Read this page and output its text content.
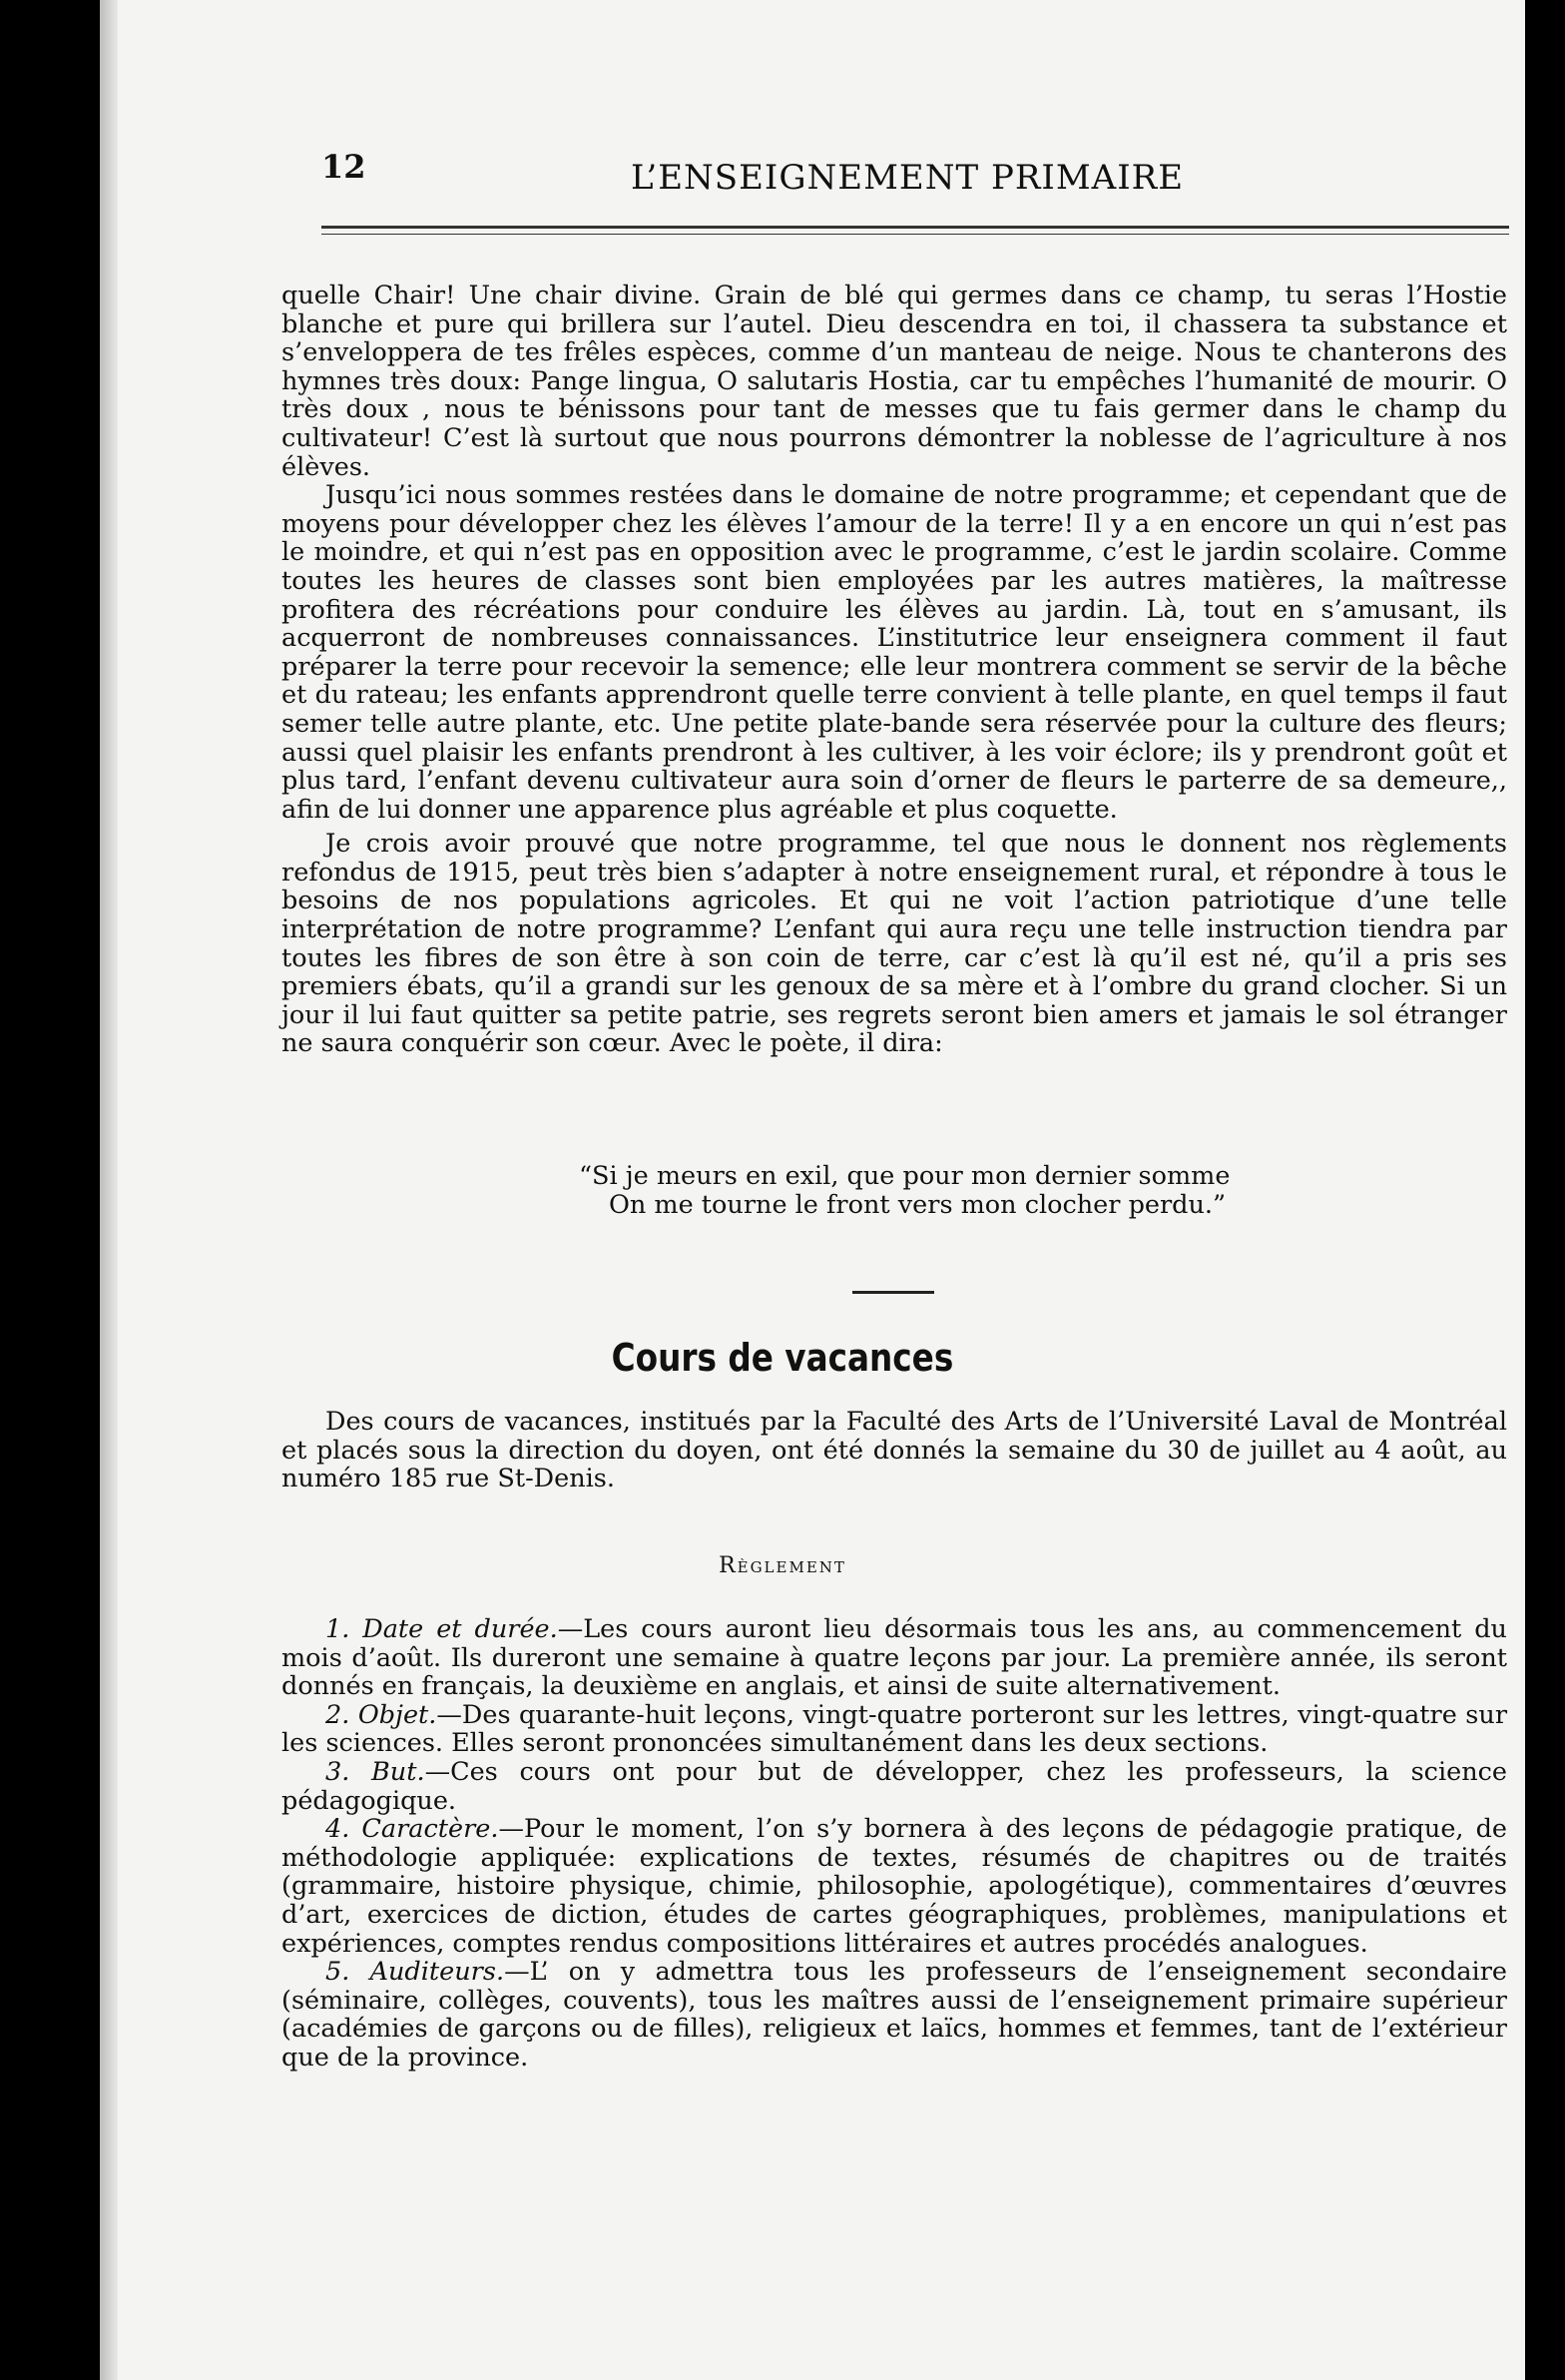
12	L’ENSEIGNEMENT PRIMAIRE

quelle Chair! Une chair divine. Grain de blé qui germes dans ce champ, tu seras l’Hostie blanche et pure qui brillera sur l’autel. Dieu descendra en toi, il chassera ta substance et s’enveloppera de tes frêles espèces, comme d’un manteau de neige. Nous te chanterons des hymnes très doux: Pange lingua, O salutaris Hostia, car tu empêches l’humanité de mourir. O très doux , nous te bénissons pour tant de messes que tu fais germer dans le champ du cultivateur! C’est là surtout que nous pourrons démontrer la noblesse de l’agriculture à nos élèves.

Jusqu’ici nous sommes restées dans le domaine de notre programme; et cependant que de moyens pour développer chez les élèves l’amour de la terre! Il y a en encore un qui n’est pas le moindre, et qui n’est pas en opposition avec le programme, c’est le jardin scolaire. Comme toutes les heures de classes sont bien employées par les autres matières, la maîtresse profitera des récréations pour conduire les élèves au jardin. Là, tout en s’amusant, ils acquerront de nombreuses connaissances. L’institutrice leur enseignera comment il faut préparer la terre pour recevoir la semence; elle leur montrera comment se servir de la bêche et du rateau; les enfants apprendront quelle terre convient à telle plante, en quel temps il faut semer telle autre plante, etc. Une petite plate-bande sera réservée pour la culture des fleurs; aussi quel plaisir les enfants prendront à les cultiver, à les voir éclore; ils y prendront goût et plus tard, l’enfant devenu cultivateur aura soin d’orner de fleurs le parterre de sa demeure,, afin de lui donner une apparence plus agréable et plus coquette.

Je crois avoir prouvé que notre programme, tel que nous le donnent nos règlements refondus de 1915, peut très bien s’adapter à notre enseignement rural, et répondre à tous le besoins de nos populations agricoles. Et qui ne voit l’action patriotique d’une telle interprétation de notre programme? L’enfant qui aura reçu une telle instruction tiendra par toutes les fibres de son être à son coin de terre, car c’est là qu’il est né, qu’il a pris ses premiers ébats, qu’il a grandi sur les genoux de sa mère et à l’ombre du grand clocher. Si un jour il lui faut quitter sa petite patrie, ses regrets seront bien amers et jamais le sol étranger ne saura conquérir son cœur. Avec le poète, il dira:

“Si je meurs en exil, que pour mon dernier somme
On me tourne le front vers mon clocher perdu.”
Cours de vacances

Des cours de vacances, institués par la Faculté des Arts de l’Université Laval de Montréal et placés sous la direction du doyen, ont été donnés la semaine du 30 de juillet au 4 août, au numéro 185 rue St-Denis.

Règlement

1. Date et durée.—Les cours auront lieu désormais tous les ans, au commencement du mois d’août. Ils dureront une semaine à quatre leçons par jour. La première année, ils seront donnés en français, la deuxième en anglais, et ainsi de suite alternativement.

2. Objet.—Des quarante-huit leçons, vingt-quatre porteront sur les lettres, vingt-quatre sur les sciences. Elles seront prononcées simultanément dans les deux sections.

3. But.—Ces cours ont pour but de développer, chez les professeurs, la science pédagogique.

4. Caractère.—Pour le moment, l’on s’y bornera à des leçons de pédagogie pratique, de méthodologie appliquée: explications de textes, résumés de chapitres ou de traités (grammaire, histoire physique, chimie, philosophie, apologétique), commentaires d’œuvres d’art, exercices de diction, études de cartes géographiques, problèmes, manipulations et expériences, comptes rendus compositions littéraires et autres procédés analogues.

5. Auditeurs.—L’ on y admettra tous les professeurs de l’enseignement secondaire (séminaire, collèges, couvents), tous les maîtres aussi de l’enseignement primaire supérieur (académies de garçons ou de filles), religieux et laïcs, hommes et femmes, tant de l’extérieur que de la province.
